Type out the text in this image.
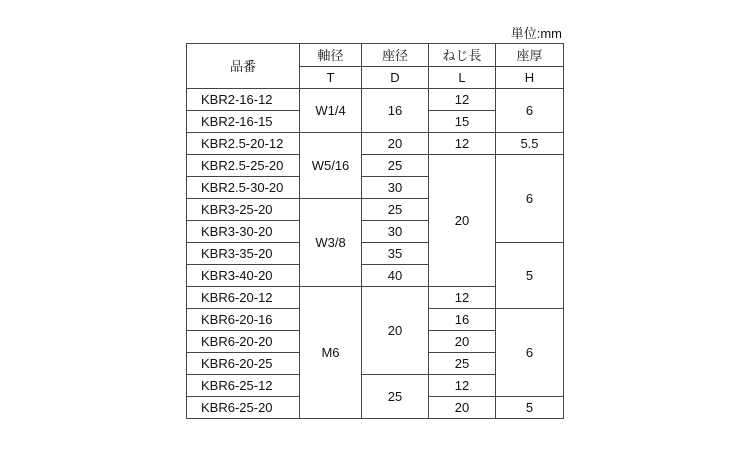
単位:mm
品番	軸径	座径	ねじ長	座厚
	T	D	L	H
KBR2-16-12	W1/4	16	12	6
KBR2-16-15			15	
KBR2.5-20-12	W5/16	20	12	5.5
KBR2.5-25-20		25	20	6
KBR2.5-30-20		30		
KBR3-25-20	W3/8	25		
KBR3-30-20		30		
KBR3-35-20		35		5
KBR3-40-20		40		
KBR6-20-12	M6	20	12	
KBR6-20-16			16	6
KBR6-20-20			20	
KBR6-20-25			25	
KBR6-25-12		25	12	
KBR6-25-20			20	5
